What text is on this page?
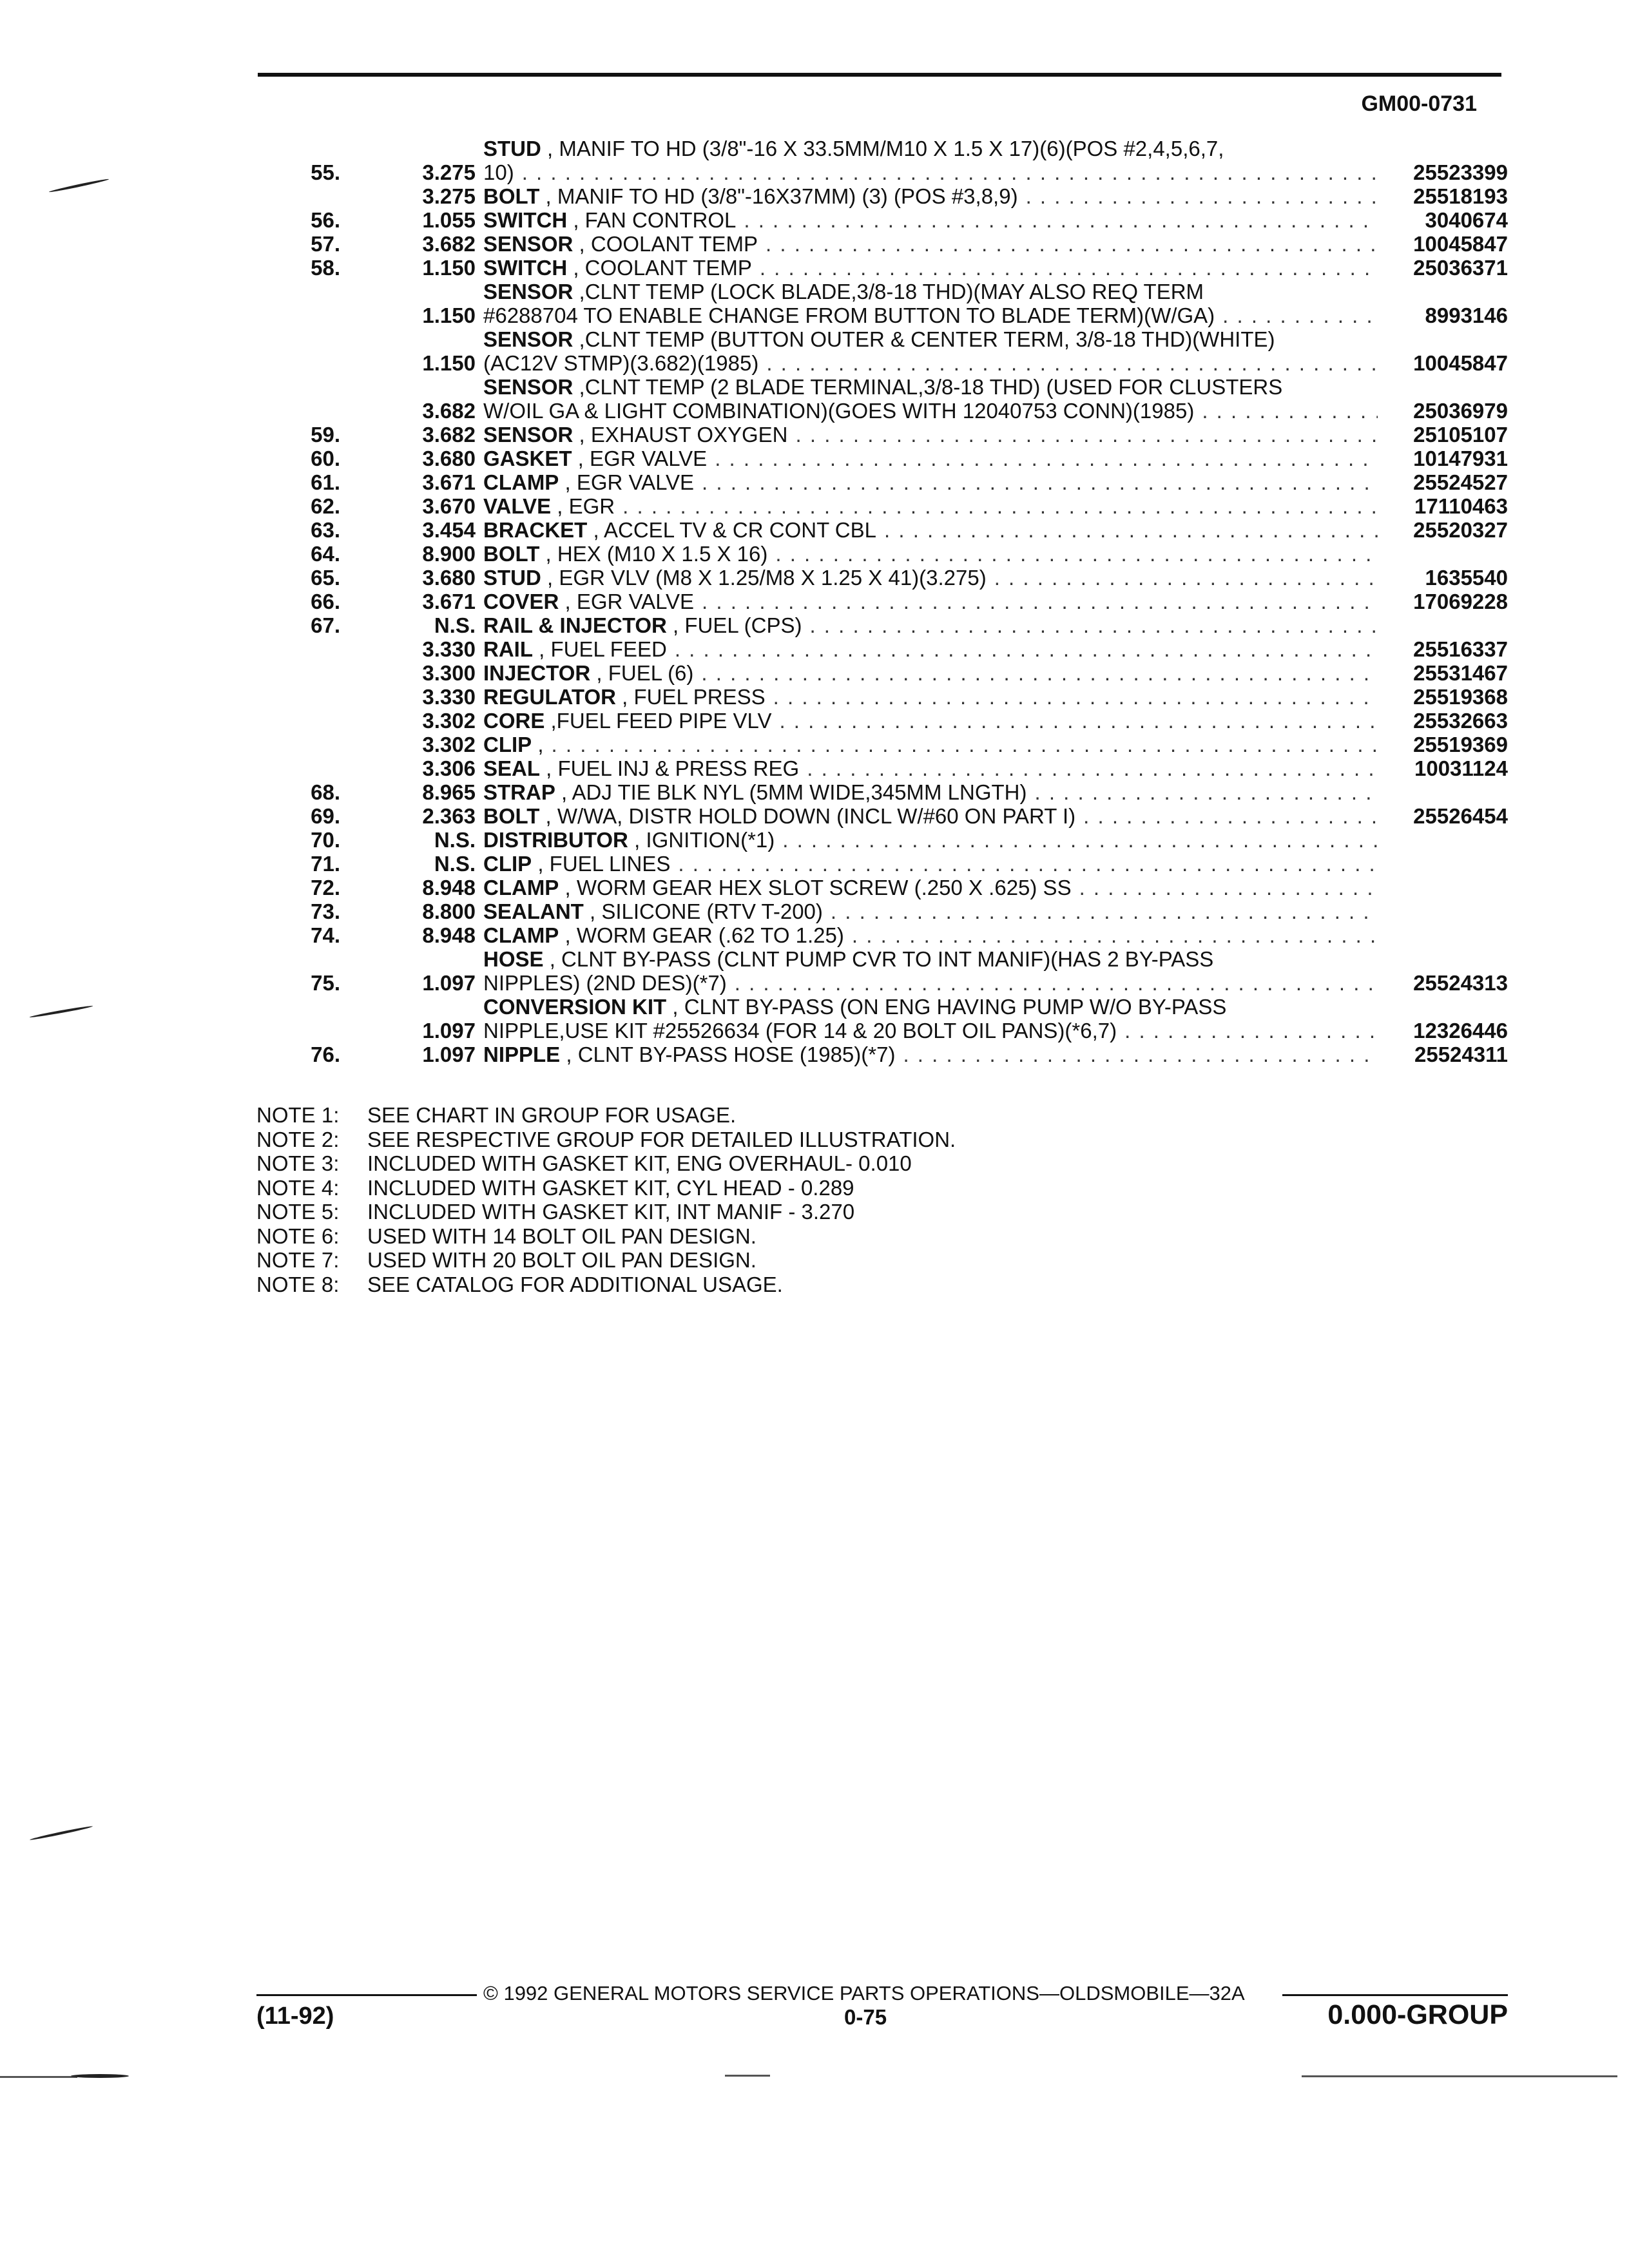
GM00-0731
55.	3.275
STUD , MANIF TO HD (3/8"-16 X 33.5MM/M10 X 1.5 X 17)(6)(POS #2,4,5,6,7,
10) . . .	25523399
3.275 BOLT , MANIF TO HD (3/8"-16X37MM) (3) (POS #3,8,9) . . .	25518193
56.	1.055 SWITCH , FAN CONTROL . . .	3040674
57.	3.682 SENSOR , COOLANT TEMP . . .	10045847
58.	1.150 SWITCH , COOLANT TEMP . . .	25036371
1.150
SENSOR ,CLNT TEMP (LOCK BLADE,3/8-18 THD)(MAY ALSO REQ TERM
#6288704 TO ENABLE CHANGE FROM BUTTON TO BLADE TERM)(W/GA) . . .	8993146
1.150
SENSOR ,CLNT TEMP (BUTTON OUTER & CENTER TERM, 3/8-18 THD)(WHITE)
(AC12V STMP)(3.682)(1985) . . .	10045847
3.682
SENSOR ,CLNT TEMP (2 BLADE TERMINAL,3/8-18 THD) (USED FOR CLUSTERS
W/OIL GA & LIGHT COMBINATION)(GOES WITH 12040753 CONN)(1985) . . .	25036979
59.	3.682 SENSOR , EXHAUST OXYGEN . . .	25105107
60.	3.680 GASKET , EGR VALVE . . .	10147931
61.	3.671 CLAMP , EGR VALVE . . .	25524527
62.	3.670 VALVE , EGR . . .	17110463
63.	3.454 BRACKET , ACCEL TV & CR CONT CBL . . .	25520327
64.	8.900 BOLT , HEX (M10 X 1.5 X 16)
. . .
65.	3.680 STUD , EGR VLV (M8 X 1.25/M8 X 1.25 X 41)(3.275) . . .	1635540
66.	3.671 COVER , EGR VALVE . . .	17069228
67.	N.S. RAIL & INJECTOR , FUEL (CPS)
. . .
3.330 RAIL , FUEL FEED . . .	25516337
3.300 INJECTOR , FUEL (6) . . .	25531467
3.330 REGULATOR , FUEL PRESS . . .	25519368
3.302 CORE ,FUEL FEED PIPE VLV . . .	25532663
3.302 CLIP , . . .	25519369
3.306 SEAL , FUEL INJ & PRESS REG . . .	10031124
68.	8.965 STRAP , ADJ TIE BLK NYL (5MM WIDE,345MM LNGTH)
. . .
69.	2.363 BOLT , W/WA, DISTR HOLD DOWN (INCL W/#60 ON PART I) . . .	25526454
70.	N.S. DISTRIBUTOR , IGNITION(*1)
. . .
71.	N.S. CLIP , FUEL LINES
. . .
72.	8.948 CLAMP , WORM GEAR HEX SLOT SCREW (.250 X .625) SS
. . .
73.	8.800 SEALANT , SILICONE (RTV T-200)
. . .
74.	8.948 CLAMP , WORM GEAR (.62 TO 1.25)
. . .
75.	1.097
HOSE , CLNT BY-PASS (CLNT PUMP CVR TO INT MANIF)(HAS 2 BY-PASS
NIPPLES) (2ND DES)(*7) . . .	25524313
1.097
CONVERSION KIT , CLNT BY-PASS (ON ENG HAVING PUMP W/O BY-PASS
NIPPLE,USE KIT #25526634 (FOR 14 & 20 BOLT OIL PANS)(*6,7) . . .	12326446
76.	1.097 NIPPLE , CLNT BY-PASS HOSE (1985)(*7) . . .	25524311
NOTE 1: SEE CHART IN GROUP FOR USAGE.
NOTE 2: SEE RESPECTIVE GROUP FOR DETAILED ILLUSTRATION.
NOTE 3: INCLUDED WITH GASKET KIT, ENG OVERHAUL- 0.010
NOTE 4: INCLUDED WITH GASKET KIT, CYL HEAD - 0.289
NOTE 5: INCLUDED WITH GASKET KIT, INT MANIF - 3.270
NOTE 6: USED WITH 14 BOLT OIL PAN DESIGN.
NOTE 7: USED WITH 20 BOLT OIL PAN DESIGN.
NOTE 8: SEE CATALOG FOR ADDITIONAL USAGE.
© 1992 GENERAL MOTORS SERVICE PARTS OPERATIONS—OLDSMOBILE—32A
(11-92)	0-75	0.000-GROUP
